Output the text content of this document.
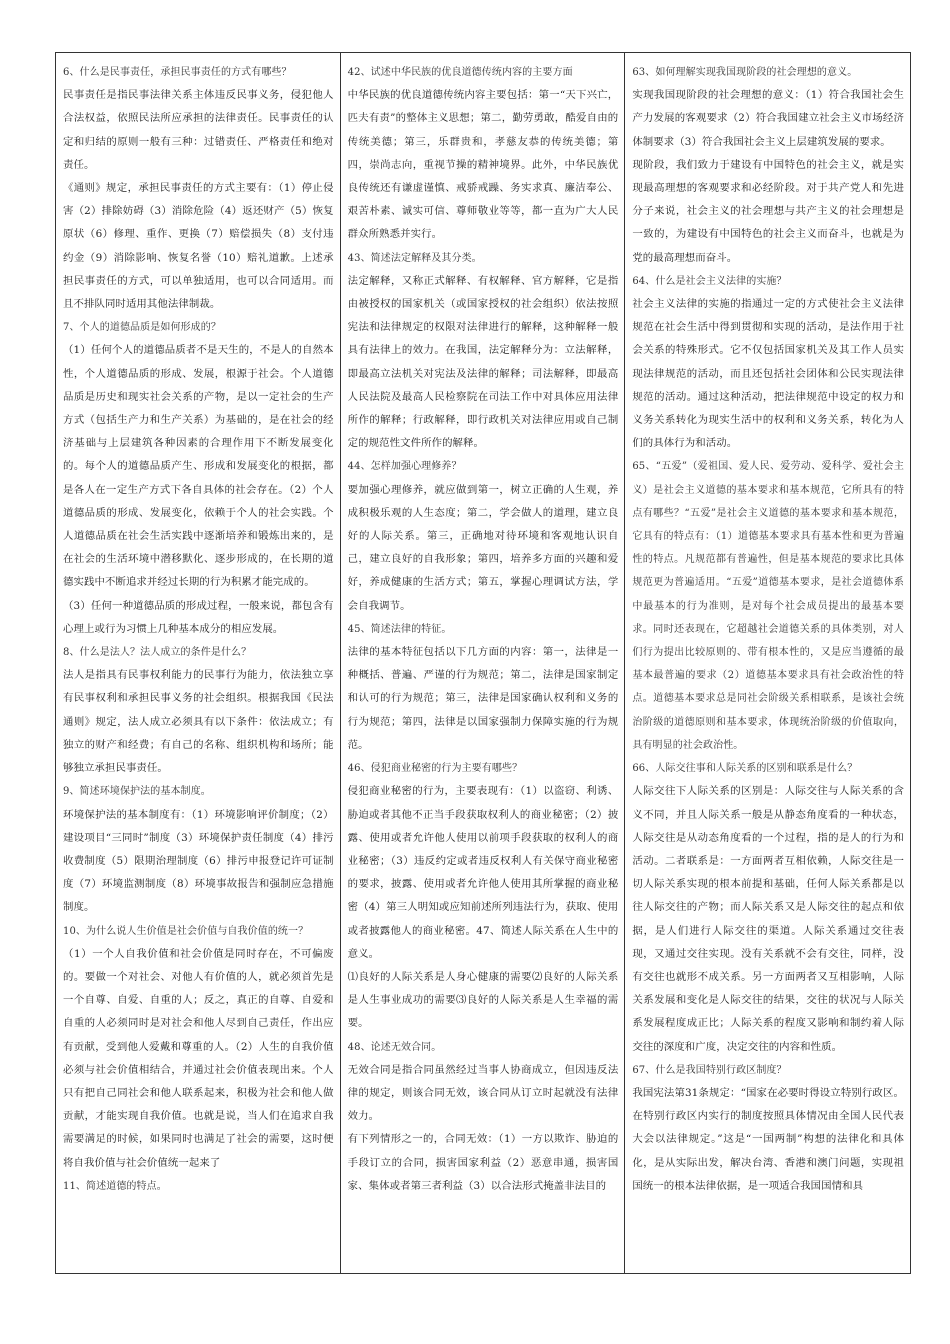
6、什么是民事责任，承担民事责任的方式有哪些？

民事责任是指民事法律关系主体违反民事义务，侵犯他人合法权益，依照民法所应承担的法律责任。民事责任的认定和归结的原则一般有三种：过错责任、严格责任和绝对责任。

《通则》规定，承担民事责任的方式主要有：（1）停止侵害（2）排除妨碍（3）消除危险（4）返还财产（5）恢复原状（6）修理、重作、更换（7）赔偿损失（8）支付违约金（9）消除影响、恢复名誉（10）赔礼道歉。上述承担民事责任的方式，可以单独适用，也可以合同适用。而且不排队同时适用其他法律制裁。

7、个人的道德品质是如何形成的？

（1）任何个人的道德品质者不是天生的，不是人的自然本性，个人道德品质的形成、发展，根源于社会。个人道德品质是历史和现实社会关系的产物，是以一定社会的生产方式（包括生产力和生产关系）为基础的，是在社会的经济基础与上层建筑各种因素的合理作用下不断发展变化的。每个人的道德品质产生、形成和发展变化的根据，都是各人在一定生产方式下各自具体的社会存在。（2）个人道德品质的形成、发展变化，依赖于个人的社会实践。个人道德品质在社会生活实践中逐渐培养和锻炼出来的，是在社会的生活环境中潜移默化、逐步形成的，在长期的道德实践中不断追求并经过长期的行为积累才能完成的。

（3）任何一种道德品质的形成过程，一般来说，都包含有心理上或行为习惯上几种基本成分的相应发展。

8、什么是法人？法人成立的条件是什么？

法人是指具有民事权利能力的民事行为能力，依法独立享有民事权利和承担民事义务的社会组织。根据我国《民法通则》规定，法人成立必须具有以下条件：依法成立；有独立的财产和经费；有自己的名称、组织机构和场所；能够独立承担民事责任。

9、简述环境保护法的基本制度。

环境保护法的基本制度有：（1）环境影响评价制度；（2）建设项目“三同时”制度（3）环境保护责任制度（4）排污收费制度（5）限期治理制度（6）排污申报登记许可证制度（7）环境监测制度（8）环境事故报告和强制应急措施制度。

10、为什么说人生价值是社会价值与自我价值的统一？

（1）一个人自我价值和社会价值是同时存在，不可偏废的。要做一个对社会、对他人有价值的人，就必须首先是一个自尊、自爱、自重的人；反之，真正的自尊、自爱和自重的人必须同时是对社会和他人尽到自己责任，作出应有贡献，受到他人爱戴和尊重的人。（2）人生的自我价值必须与社会价值相结合，并通过社会价值表现出来。个人只有把自己同社会和他人联系起来，积极为社会和他人做贡献，才能实现自我价值。也就是说，当人们在追求自我需要满足的时候，如果同时也满足了社会的需要，这时便将自我价值与社会价值统一起来了

11、简述道德的特点。

42、试述中华民族的优良道德传统内容的主要方面

中华民族的优良道德传统内容主要包括：第一“天下兴亡，匹夫有责”的整体主义思想；第二，勤劳勇敢，酷爱自由的传统美德；第三，乐群贵和，孝慈友恭的传统美德；第四，崇尚志向，重视节操的精神境界。此外，中华民族优良传统还有谦虚谨慎、戒骄戒躁、务实求真、廉洁奉公、艰苦朴素、诚实可信、尊师敬业等等，都一直为广大人民群众所熟悉并实行。

43、简述法定解释及其分类。

法定解释，又称正式解释、有权解释、官方解释，它是指由被授权的国家机关（或国家授权的社会组织）依法按照宪法和法律规定的权限对法律进行的解释，这种解释一般具有法律上的效力。在我国，法定解释分为：立法解释，即最高立法机关对宪法及法律的解释；司法解释，即最高人民法院及最高人民检察院在司法工作中对具体应用法律所作的解释；行政解释，即行政机关对法律应用或自己制定的规范性文件所作的解释。

44、怎样加强心理修养？

要加强心理修养，就应做到第一，树立正确的人生观，养成积极乐观的人生态度；第二，学会做人的道理，建立良好的人际关系。第三，正确地对待环境和客观地认识自己，建立良好的自我形象；第四，培养多方面的兴趣和爱好，养成健康的生活方式；第五，掌握心理调试方法，学会自我调节。

45、简述法律的特征。

法律的基本特征包括以下几方面的内容：第一，法律是一种概括、普遍、严谨的行为规范；第二，法律是国家制定和认可的行为规范；第三，法律是国家确认权利和义务的行为规范；第四，法律是以国家强制力保障实施的行为规范。

46、侵犯商业秘密的行为主要有哪些？

侵犯商业秘密的行为，主要表现有：（1）以盗窃、利诱、胁迫或者其他不正当手段获取权利人的商业秘密；（2）披露、使用或者允许他人使用以前项手段获取的权利人的商业秘密；（3）违反约定或者违反权利人有关保守商业秘密的要求，披露、使用或者允许他人使用其所掌握的商业秘密（4）第三人明知或应知前述所列违法行为，获取、使用或者披露他人的商业秘密。47、简述人际关系在人生中的意义。

⑴良好的人际关系是人身心健康的需要⑵良好的人际关系是人生事业成功的需要⑶良好的人际关系是人生幸福的需要。

48、论述无效合同。

无效合同是指合同虽然经过当事人协商成立，但因违反法律的规定，则该合同无效，该合同从订立时起就没有法律效力。

有下列情形之一的，合同无效：（1）一方以欺诈、胁迫的手段订立的合同，损害国家利益（2）恶意串通，损害国家、集体或者第三者利益（3）以合法形式掩盖非法目的

63、如何理解实现我国现阶段的社会理想的意义。

实现我国现阶段的社会理想的意义：（1）符合我国社会生产力发展的客观要求（2）符合我国建立社会主义市场经济体制要求（3）符合我国社会主义上层建筑发展的要求。

现阶段，我们致力于建设有中国特色的社会主义，就是实现最高理想的客观要求和必经阶段。对于共产党人和先进分子来说，社会主义的社会理想与共产主义的社会理想是一致的，为建设有中国特色的社会主义而奋斗，也就是为党的最高理想而奋斗。

64、什么是社会主义法律的实施？

社会主义法律的实施的指通过一定的方式使社会主义法律规范在社会生活中得到贯彻和实现的活动，是法作用于社会关系的特殊形式。它不仅包括国家机关及其工作人员实现法律规范的活动，而且还包括社会团体和公民实现法律规范的活动。通过这种活动，把法律规范中设定的权力和义务关系转化为现实生活中的权利和义务关系，转化为人们的具体行为和活动。

65、“五爱”（爱祖国、爱人民、爱劳动、爱科学、爱社会主义）是社会主义道德的基本要求和基本规范，它所具有的特点有哪些？“五爱”是社会主义道德的基本要求和基本规范，它具有的特点有：（1）道德基本要求具有基本性和更为普遍性的特点。凡规范都有普遍性，但是基本规范的要求比具体规范更为普遍适用。“五爱”道德基本要求，是社会道德体系中最基本的行为准则，是对每个社会成员提出的最基本要求。同时还表现在，它超越社会道德关系的具体类别，对人们行为提出比较原则的、带有根本性的，又是应当遵循的最基本最普遍的要求（2）道德基本要求具有社会政治性的特点。道德基本要求总是同社会阶级关系相联系，是该社会统治阶级的道德原则和基本要求，体现统治阶级的价值取向，具有明显的社会政治性。

66、人际交往事和人际关系的区别和联系是什么？

人际交往下人际关系的区别是：人际交往与人际关系的含义不同，并且人际关系一般是从静态角度看的一种状态，人际交往是从动态角度看的一个过程，指的是人的行为和活动。二者联系是：一方面两者互相依赖，人际交往是一切人际关系实现的根本前提和基础，任何人际关系都是以往人际交往的产物；而人际关系又是人际交往的起点和依据，是人们进行人际交往的渠道。人际关系通过交往表现，又通过交往实现。没有关系就不会有交往，同样，没有交往也就形不成关系。另一方面两者又互相影响，人际关系发展和变化是人际交往的结果，交往的状况与人际关系发展程度成正比；人际关系的程度又影响和制约着人际交往的深度和广度，决定交往的内容和性质。

67、什么是我国特别行政区制度？

我国宪法第31条规定：“国家在必要时得设立特别行政区。在特别行政区内实行的制度按照具体情况由全国人民代表大会以法律规定。”这是“一国两制”构想的法律化和具体化，是从实际出发，解决台湾、香港和澳门问题，实现祖国统一的根本法律依据，是一项适合我国国情和具
